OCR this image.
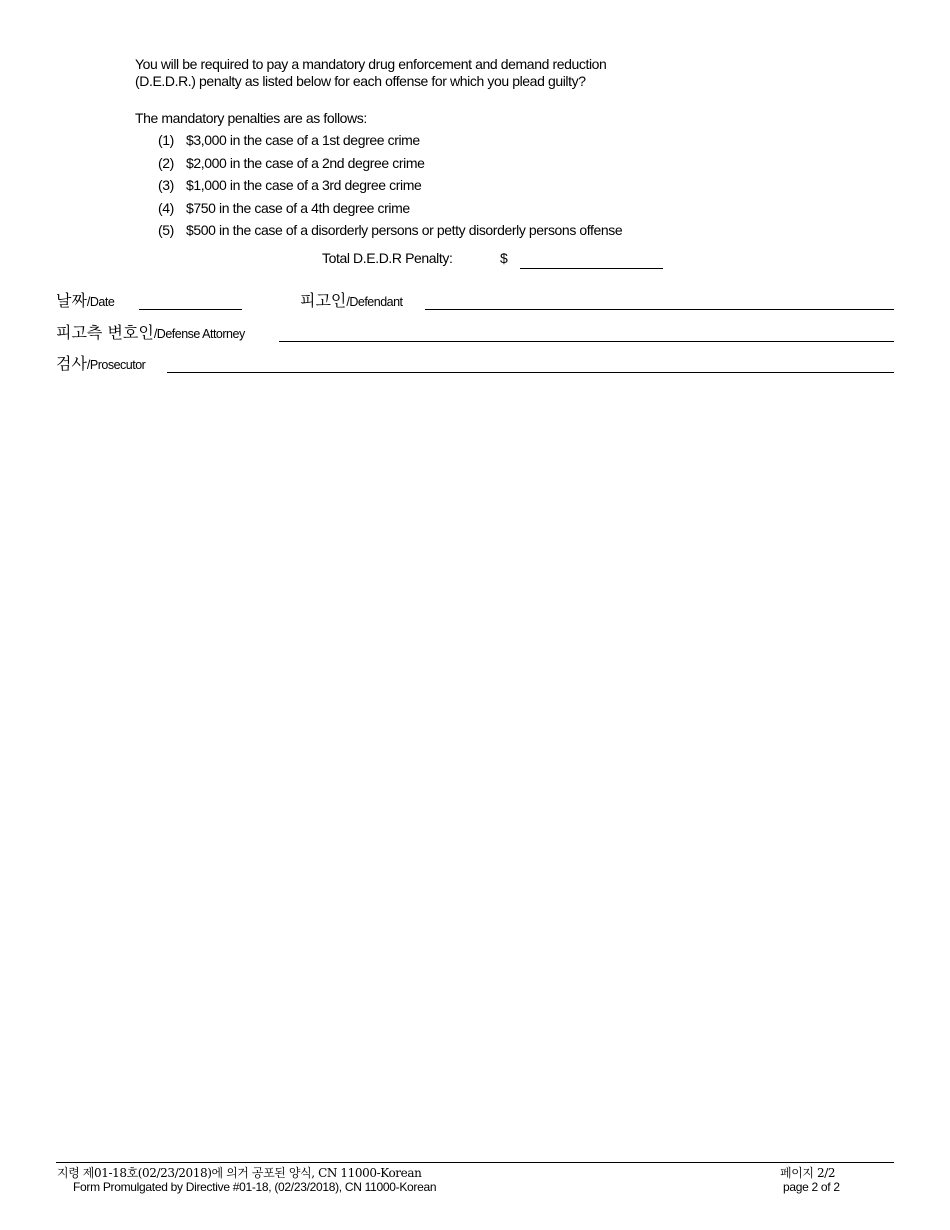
You will be required to pay a mandatory drug enforcement and demand reduction
(D.E.D.R.) penalty as listed below for each offense for which you plead guilty?
The mandatory penalties are as follows:
(1) $3,000 in the case of a 1st degree crime
(2) $2,000 in the case of a 2nd degree crime
(3) $1,000 in the case of a 3rd degree crime
(4) $750 in the case of a 4th degree crime
(5) $500 in the case of a disorderly persons or petty disorderly persons offense
Total D.E.D.R Penalty:	$
날짜/Date	피고인/Defendant
피고측 변호인/Defense Attorney
검사/Prosecutor
지령 제01-18호(02/23/2018)에 의거 공포된 양식, CN 11000-Korean
Form Promulgated by Directive #01-18, (02/23/2018), CN 11000-Korean
페이지 2/2
page 2 of 2
